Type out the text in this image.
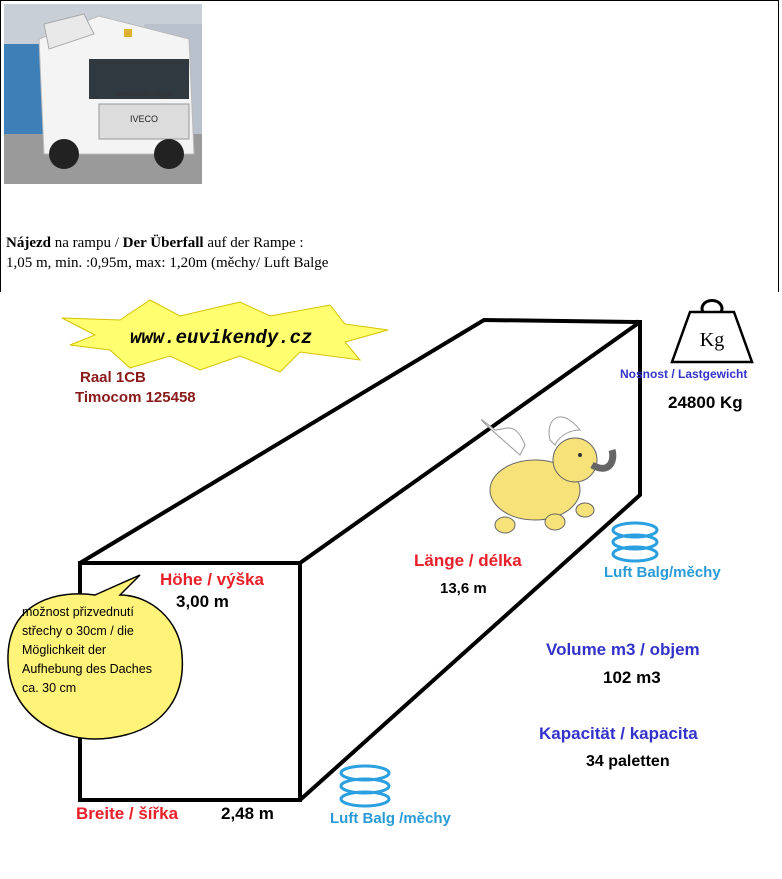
IVECO
www.euvikendy.cz
Nájezd na rampu / Der Überfall auf der Rampe :
1,05 m, min. :0,95m, max: 1,20m (měchy/ Luft Balge
Kg
www.euvikendy.cz
Raal 1CB
Timocom 125458
Nosnost / Lastgewicht
24800 Kg
Länge / délka
13,6 m
Luft Balg/měchy
Höhe / výška
3,00 m
Volume m3 / objem
102 m3
Kapacität / kapacita
34 paletten
Breite / šířka	2,48 m	Luft Balg /měchy
možnost přizvednutí
střechy o 30cm / die
Möglichkeit der
Aufhebung des Daches
ca. 30 cm
